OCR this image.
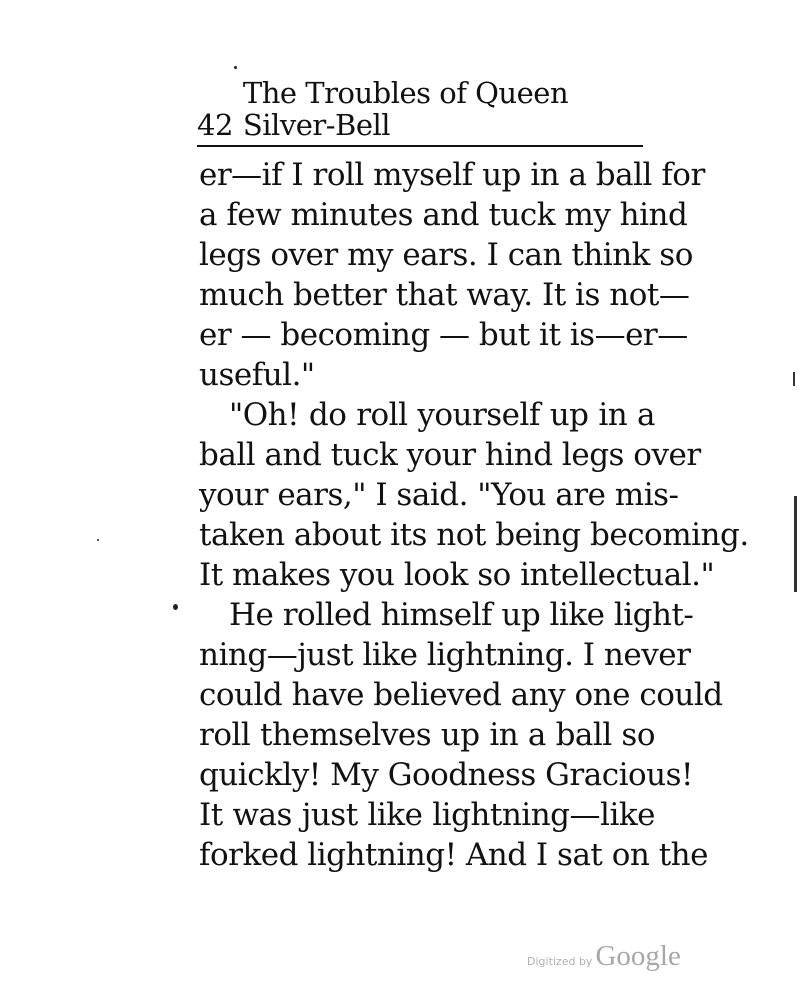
42
The Troubles of Queen Silver-Bell
er—if I roll myself up in a ball for
a few minutes and tuck my hind
legs over my ears. I can think so
much better that way. It is not—
er — becoming — but it is—er—
useful."
"Oh! do roll yourself up in a
ball and tuck your hind legs over
your ears," I said. "You are mis-
taken about its not being becoming.
It makes you look so intellectual."
He rolled himself up like light-
ning—just like lightning. I never
could have believed any one could
roll themselves up in a ball so
quickly! My Goodness Gracious!
It was just like lightning—like
forked lightning! And I sat on the
Digitized by Google
